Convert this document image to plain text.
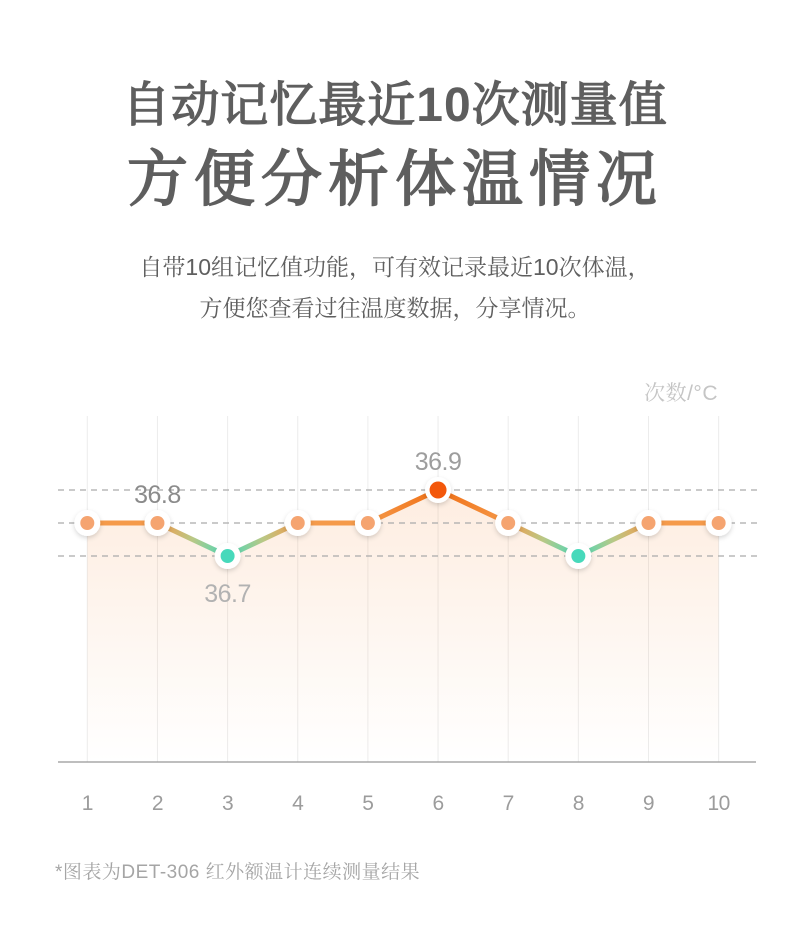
自动记忆最近10次测量值
方便分析体温情况
自带10组记忆值功能，可有效记录最近10次体温，
方便您查看过往温度数据，分享情况。
次数/°C
1	2	3	4	5	6	7	8	9	10
36.8
36.7
36.9
*图表为DET-306 红外额温计连续测量结果
